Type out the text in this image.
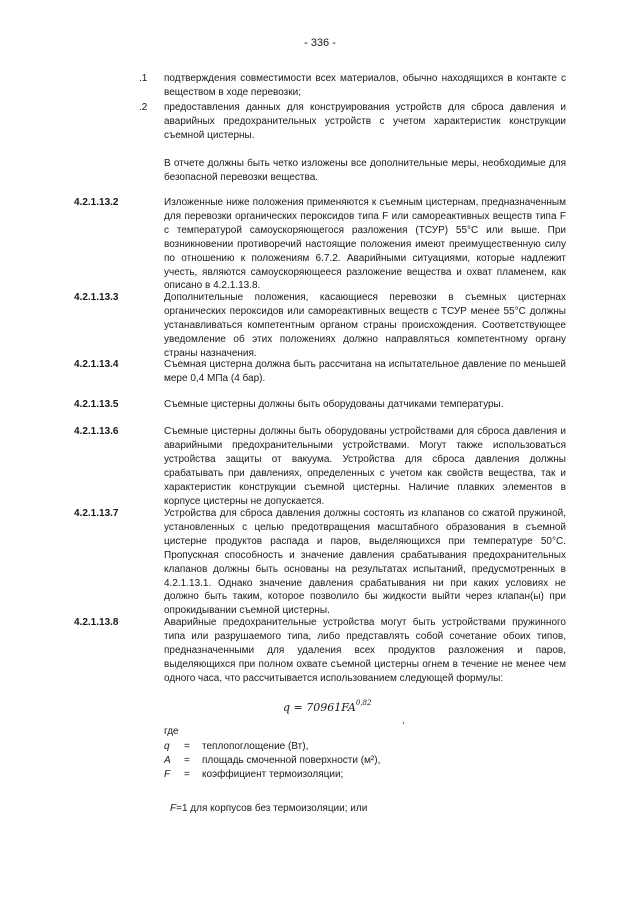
- 336 -
.1 подтверждения совместимости всех материалов, обычно находящихся в контакте с веществом в ходе перевозки;
.2 предоставления данных для конструирования устройств для сброса давления и аварийных предохранительных устройств с учетом характеристик конструкции съемной цистерны.
В отчете должны быть четко изложены все дополнительные меры, необходимые для безопасной перевозки вещества.
4.2.1.13.2	Изложенные ниже положения применяются к съемным цистернам, предназначенным для перевозки органических пероксидов типа F или самореактивных веществ типа F с температурой самоускоряющегося разложения (ТСУР) 55°С или выше. При возникновении противоречий настоящие положения имеют преимущественную силу по отношению к положениям 6.7.2. Аварийными ситуациями, которые надлежит учесть, являются самоускоряющееся разложение вещества и охват пламенем, как описано в 4.2.1.13.8.
4.2.1.13.3	Дополнительные положения, касающиеся перевозки в съемных цистернах органических пероксидов или самореактивных веществ с ТСУР менее 55°С должны устанавливаться компетентным органом страны происхождения. Соответствующее уведомление об этих положениях должно направляться компетентному органу страны назначения.
4.2.1.13.4	Съемная цистерна должна быть рассчитана на испытательное давление по меньшей мере 0,4 МПа (4 бар).
4.2.1.13.5	Съемные цистерны должны быть оборудованы датчиками температуры.
4.2.1.13.6	Съемные цистерны должны быть оборудованы устройствами для сброса давления и аварийными предохранительными устройствами. Могут также использоваться устройства защиты от вакуума. Устройства для сброса давления должны срабатывать при давлениях, определенных с учетом как свойств вещества, так и характеристик конструкции съемной цистерны. Наличие плавких элементов в корпусе цистерны не допускается.
4.2.1.13.7	Устройства для сброса давления должны состоять из клапанов со сжатой пружиной, установленных с целью предотвращения масштабного образования в съемной цистерне продуктов распада и паров, выделяющихся при температуре 50°С. Пропускная способность и значение давления срабатывания предохранительных клапанов должны быть основаны на результатах испытаний, предусмотренных в 4.2.1.13.1. Однако значение давления срабатывания ни при каких условиях не должно быть таким, которое позволило бы жидкости выйти через клапан(ы) при опрокидывании съемной цистерны.
4.2.1.13.8	Аварийные предохранительные устройства могут быть устройствами пружинного типа или разрушаемого типа, либо представлять собой сочетание обоих типов, предназначенными для удаления всех продуктов разложения и паров, выделяющихся при полном охвате съемной цистерны огнем в течение не менее чем одного часа, что рассчитывается использованием следующей формулы:
q = 70961FA$^{0,82}$
,
где
q = теплопоглощение (Вт),
A = площадь смоченной поверхности (м²),
F = коэффициент термоизоляции;
F=1 для корпусов без термоизоляции; или
